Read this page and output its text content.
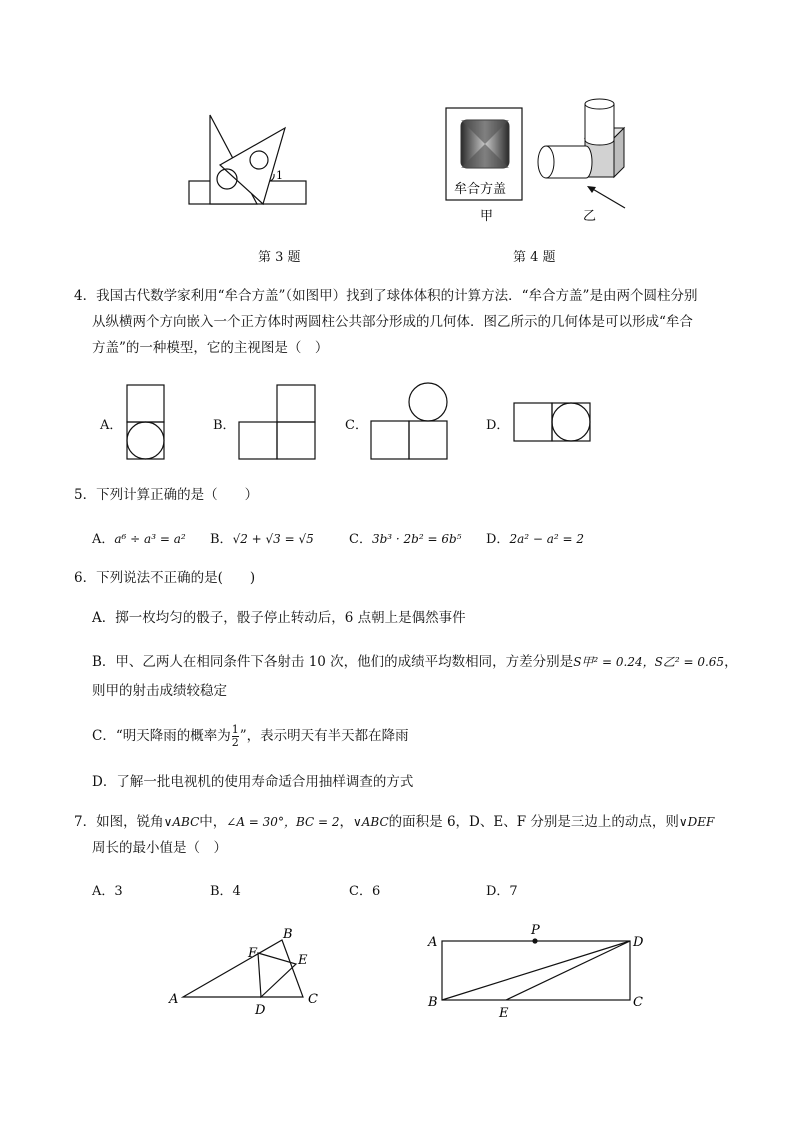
1
牟合方盖
甲	乙
第 3 题	第 4 题
4．我国古代数学家利用“牟合方盖”（如图甲）找到了球体体积的计算方法．“牟合方盖”是由两个圆柱分别
从纵横两个方向嵌入一个正方体时两圆柱公共部分形成的几何体．图乙所示的几何体是可以形成“牟合
方盖”的一种模型，它的主视图是（　）
A．	B．	C．	D．
5．下列计算正确的是（　　）
A．a⁶ ÷ a³ = a² B．√2 + √3 = √5	C．3b³ · 2b² = 6b⁵ D．2a² − a² = 2
6．下列说法不正确的是(　　)
A．掷一枚均匀的骰子，骰子停止转动后，6 点朝上是偶然事件
B．甲、乙两人在相同条件下各射击 10 次，他们的成绩平均数相同，方差分别是S甲² = 0.24，S乙² = 0.65，
则甲的射击成绩较稳定
C．“明天降雨的概率为 $\frac{1}{2}$ ”，表示明天有半天都在降雨
D．了解一批电视机的使用寿命适合用抽样调查的方式
7．如图，锐角∨ABC中，∠A = 30°，BC = 2，∨ABC的面积是 6，D、E、F 分别是三边上的动点，则∨DEF
周长的最小值是（　）
A．3	B．4	C．6	D．7
A
B
C
D
E
F
A
P
D
B
E
C
